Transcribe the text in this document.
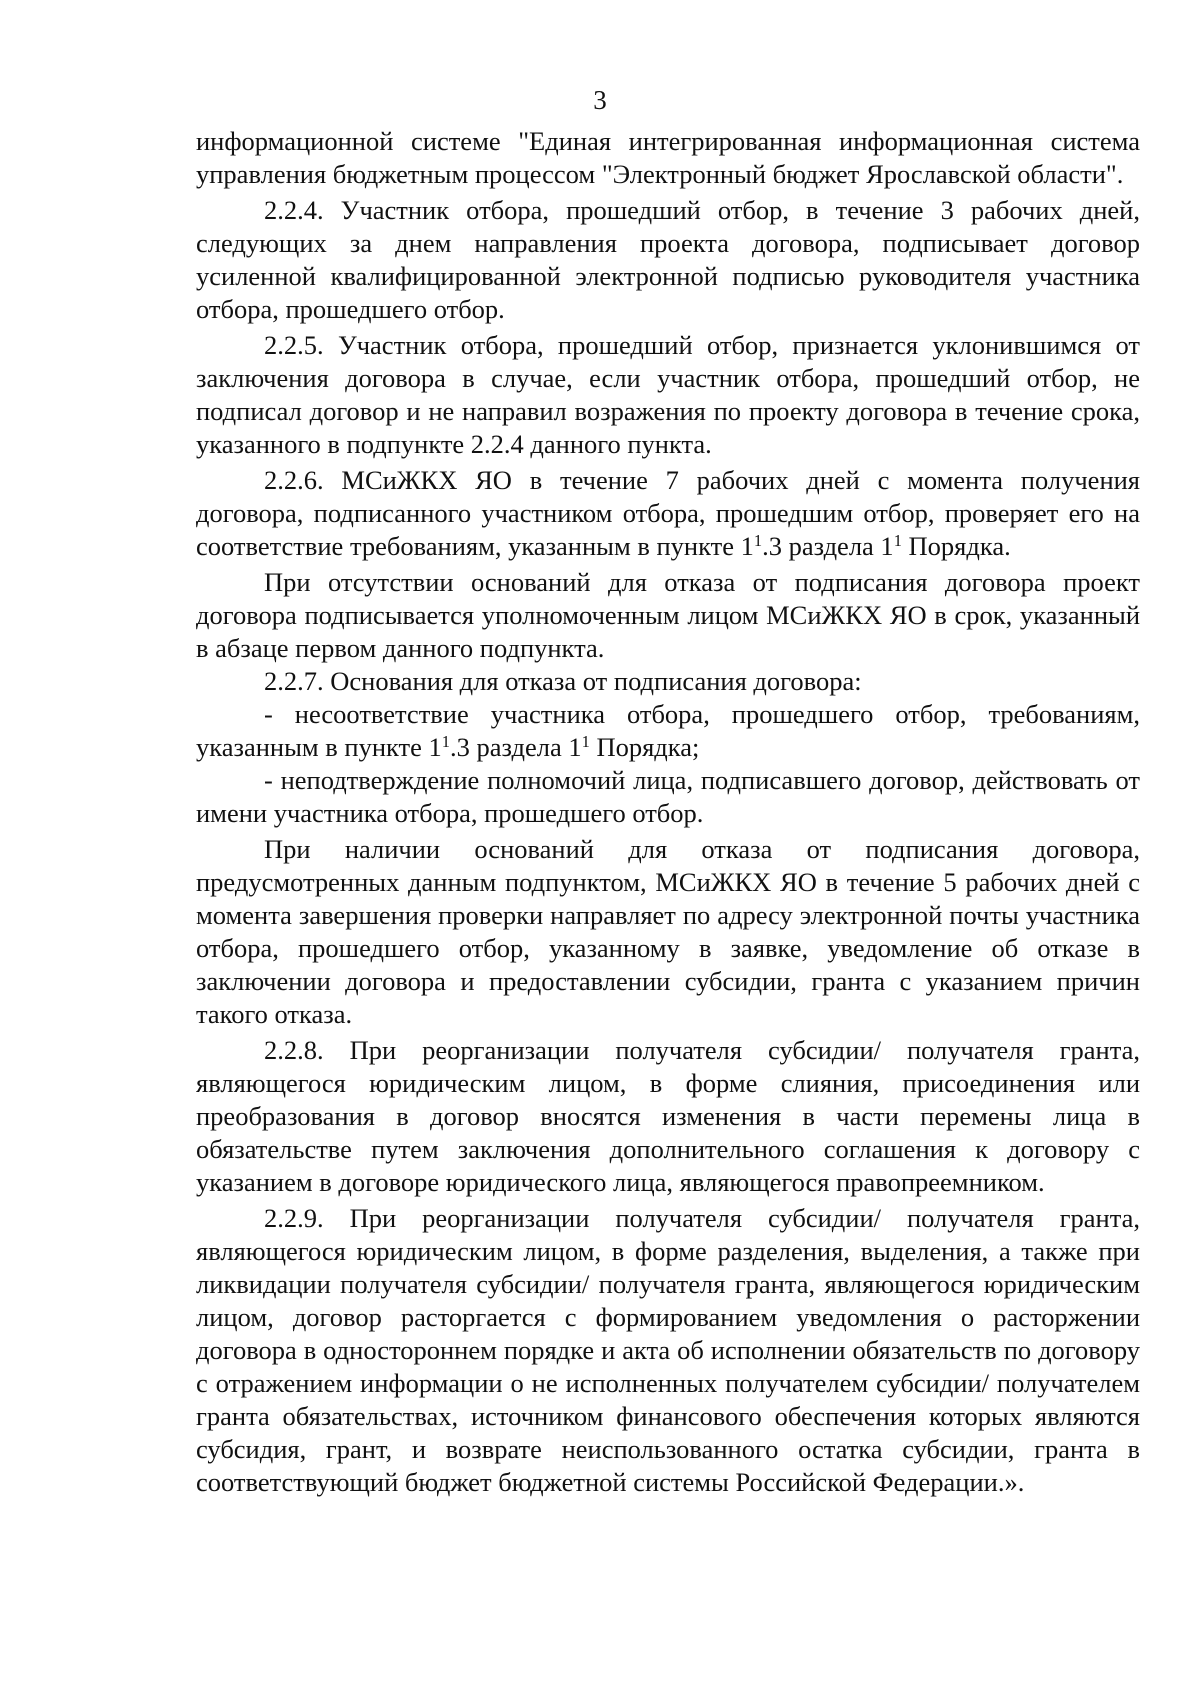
3

информационной системе "Единая интегрированная информационная система управления бюджетным процессом "Электронный бюджет Ярославской области".

2.2.4. Участник отбора, прошедший отбор, в течение 3 рабочих дней, следующих за днем направления проекта договора, подписывает договор усиленной квалифицированной электронной подписью руководителя участника отбора, прошедшего отбор.

2.2.5. Участник отбора, прошедший отбор, признается уклонившимся от заключения договора в случае, если участник отбора, прошедший отбор, не подписал договор и не направил возражения по проекту договора в течение срока, указанного в подпункте 2.2.4 данного пункта.

2.2.6. МСиЖКХ ЯО в течение 7 рабочих дней с момента получения договора, подписанного участником отбора, прошедшим отбор, проверяет его на соответствие требованиям, указанным в пункте $1^1.3$ раздела $1^1$ Порядка.

При отсутствии оснований для отказа от подписания договора проект договора подписывается уполномоченным лицом МСиЖКХ ЯО в срок, указанный в абзаце первом данного подпункта.

2.2.7. Основания для отказа от подписания договора:

- несоответствие участника отбора, прошедшего отбор, требованиям, указанным в пункте $1^1.3$ раздела $1^1$ Порядка;

- неподтверждение полномочий лица, подписавшего договор, действовать от имени участника отбора, прошедшего отбор.

При наличии оснований для отказа от подписания договора, предусмотренных данным подпунктом, МСиЖКХ ЯО в течение 5 рабочих дней с момента завершения проверки направляет по адресу электронной почты участника отбора, прошедшего отбор, указанному в заявке, уведомление об отказе в заключении договора и предоставлении субсидии, гранта с указанием причин такого отказа.

2.2.8. При реорганизации получателя субсидии/ получателя гранта, являющегося юридическим лицом, в форме слияния, присоединения или преобразования в договор вносятся изменения в части перемены лица в обязательстве путем заключения дополнительного соглашения к договору с указанием в договоре юридического лица, являющегося правопреемником.

2.2.9. При реорганизации получателя субсидии/ получателя гранта, являющегося юридическим лицом, в форме разделения, выделения, а также при ликвидации получателя субсидии/ получателя гранта, являющегося юридическим лицом, договор расторгается с формированием уведомления о расторжении договора в одностороннем порядке и акта об исполнении обязательств по договору с отражением информации о не исполненных получателем субсидии/ получателем гранта обязательствах, источником финансового обеспечения которых являются субсидия, грант, и возврате неиспользованного остатка субсидии, гранта в соответствующий бюджет бюджетной системы Российской Федерации.».
